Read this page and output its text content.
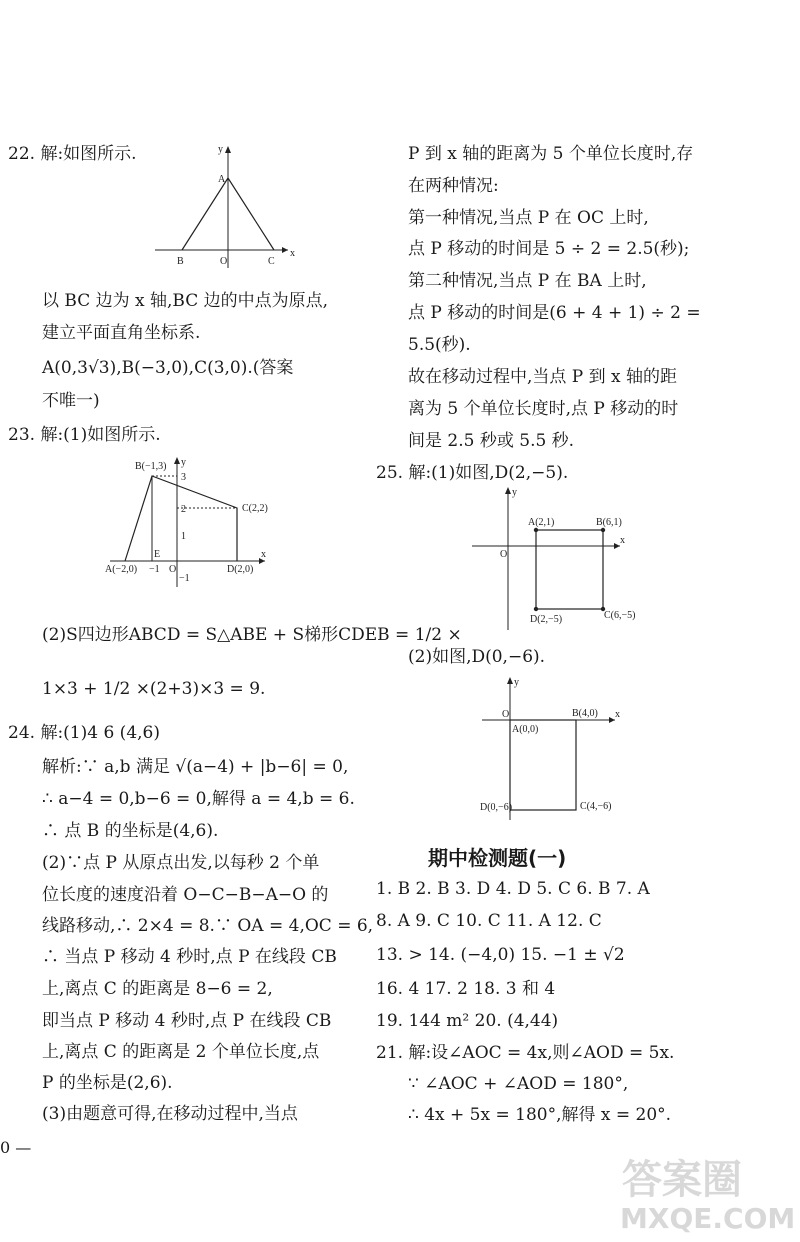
22. 解:如图所示.	y
x
A
B	O	C
以 BC 边为 x 轴,BC 边的中点为原点,
建立平面直角坐标系.
A(0,3√3),B(−3,0),C(3,0).(答案
不唯一)
23. 解:(1)如图所示.
B(−1,3) y
3
2
1
−1
C(2,2)
E
A(−2,0) −1 O	D(2,0)
x
(2)S四边形ABCD = S△ABE + S梯形CDEB = 1/2 ×
1×3 + 1/2 ×(2+3)×3 = 9.
24. 解:(1)4 6 (4,6)
解析:∵ a,b 满足 √(a−4) + |b−6| = 0,
∴ a−4 = 0,b−6 = 0,解得 a = 4,b = 6.
∴ 点 B 的坐标是(4,6).
(2)∵点 P 从原点出发,以每秒 2 个单
位长度的速度沿着 O−C−B−A−O 的
线路移动,∴ 2×4 = 8.∵ OA = 4,OC = 6,
∴ 当点 P 移动 4 秒时,点 P 在线段 CB
上,离点 C 的距离是 8−6 = 2,
即当点 P 移动 4 秒时,点 P 在线段 CB
上,离点 C 的距离是 2 个单位长度,点
P 的坐标是(2,6).
(3)由题意可得,在移动过程中,当点
0 —
P 到 x 轴的距离为 5 个单位长度时,存
在两种情况:
第一种情况,当点 P 在 OC 上时,
点 P 移动的时间是 5 ÷ 2 = 2.5(秒);
第二种情况,当点 P 在 BA 上时,
点 P 移动的时间是(6 + 4 + 1) ÷ 2 =
5.5(秒).
故在移动过程中,当点 P 到 x 轴的距
离为 5 个单位长度时,点 P 移动的时
间是 2.5 秒或 5.5 秒.
25. 解:(1)如图,D(2,−5).
y
x
O
A(2,1)	B(6,1)
D(2,−5)	C(6,−5)
(2)如图,D(0,−6).
y
x
O
A(0,0)
B(4,0)
D(0,−6)	C(4,−6)
期中检测题(一)
1. B 2. B 3. D 4. D 5. C 6. B 7. A
8. A 9. C 10. C 11. A 12. C
13. > 14. (−4,0) 15. −1 ± √2
16. 4 17. 2 18. 3 和 4
19. 144 m² 20. (4,44)
21. 解:设∠AOC = 4x,则∠AOD = 5x.
∵ ∠AOC + ∠AOD = 180°,
∴ 4x + 5x = 180°,解得 x = 20°.
答案圈
MXQE.COM
